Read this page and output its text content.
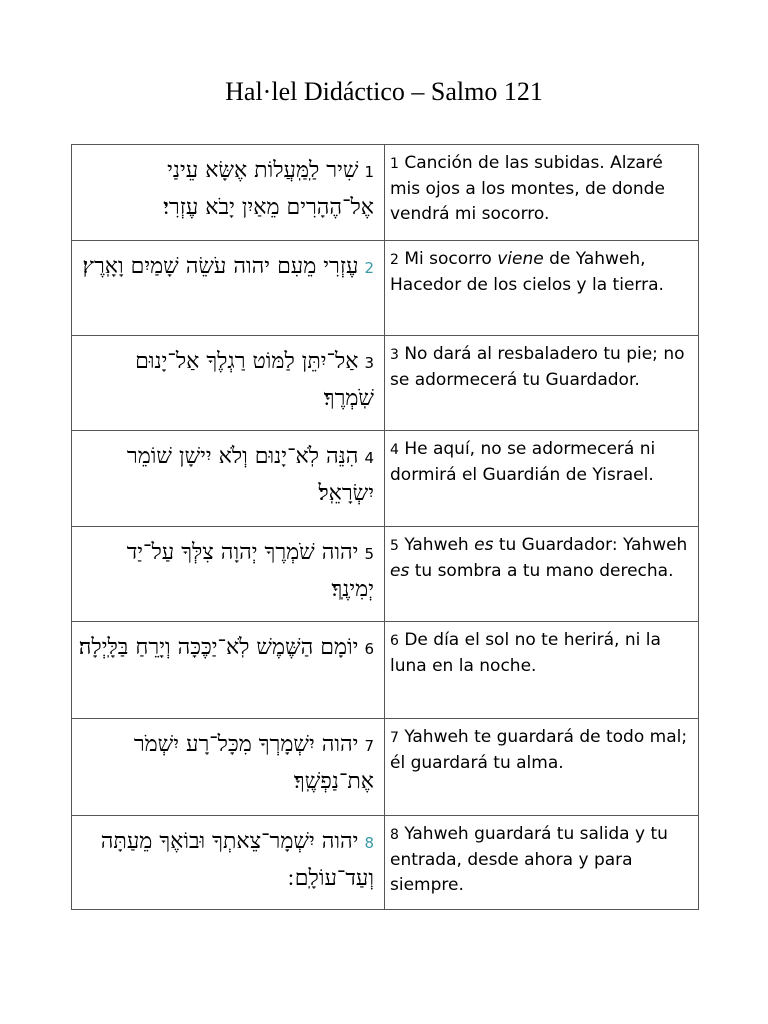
Hal·lel Didáctico – Salmo 121
1שִׁיר לַֽמַּֽעֲלוֹת אֶשָּׂא עֵינַי אֶל־הֶהָרִים מֵאַיִן יָבֹא עֶזְרִי׃	1 Canción de las subidas. Alzaré mis ojos a los montes, de donde vendrá mi socorro.
2עֶזְרִי מֵעִם יהוה עֹשֵׂה שָׁמַיִם וָאָֽרֶץ׃	2 Mi socorro viene de Yahweh, Hacedor de los cielos y la tierra.
3אַל־יִתֵּן לַמּוֹט רַגְלֶךָ אַל־יָנוּם שֹֽׁמְרֶךָ׃	3 No dará al resbaladero tu pie; no se adormecerá tu Guardador.
4הִנֵּה לֹֽא־יָנוּם וְלֹא יִישָׁן שׁוֹמֵר יִשְׂרָאֵֽל׃	4 He aquí, no se adormecerá ni dormirá el Guardián de Yisrael.
5יהוה שֹׁמְרֶךָ יְהוָה צִלְּךָ עַל־יַד יְמִינֶֽךָ׃	5 Yahweh es tu Guardador: Yahweh es tu sombra a tu mano derecha.
6יוֹמָם הַשֶּׁמֶשׁ לֹֽא־יַכֶּכָּה וְיָרֵחַ בַּלָּֽיְלָה׃	6 De día el sol no te herirá, ni la luna en la noche.
7יהוה יִשְׁמָרְךָ מִכָּל־רָע יִשְׁמֹר אֶת־נַפְשֶֽׁךָ׃	7 Yahweh te guardará de todo mal; él guardará tu alma.
8יהוה יִשְׁמָר־צֵאתְךָ וּבוֹאֶךָ מֵעַתָּה וְעַד־עוֹלָֽם ׃	8 Yahweh guardará tu salida y tu entrada, desde ahora y para siempre.
